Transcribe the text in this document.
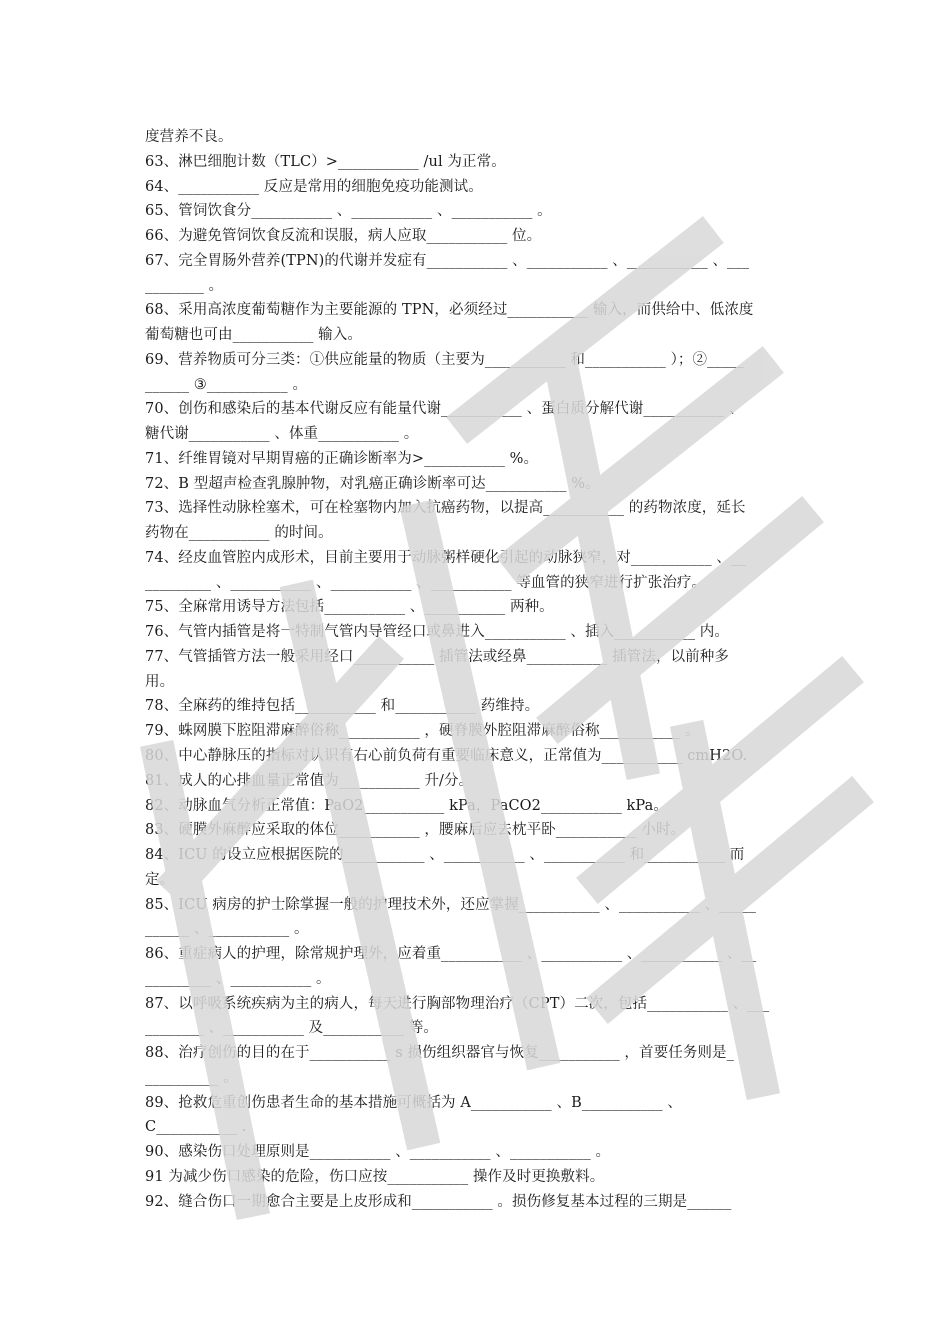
度营养不良。
63、淋巴细胞计数（TLC）>___________ /ul 为正常。
64、___________ 反应是常用的细胞免疫功能测试。
65、管饲饮食分___________ 、___________ 、___________ 。
66、为避免管饲饮食反流和误服，病人应取___________ 位。
67、完全胃肠外营养(TPN)的代谢并发症有___________ 、___________ 、___________ 、___
________ 。
68、采用高浓度葡萄糖作为主要能源的 TPN，必须经过___________ 输入，而供给中、低浓度
葡萄糖也可由___________ 输入。
69、营养物质可分三类：①供应能量的物质（主要为___________ 和___________ ）；②_____
______ ③___________ 。
70、创伤和感染后的基本代谢反应有能量代谢___________ 、蛋白质分解代谢___________ 、
糖代谢___________ 、体重___________ 。
71、纤维胃镜对早期胃癌的正确诊断率为>___________ %。
72、B 型超声检查乳腺肿物，对乳癌正确诊断率可达___________ %。
73、选择性动脉栓塞术，可在栓塞物内加入抗癌药物，以提高___________ 的药物浓度，延长
药物在___________ 的时间。
74、经皮血管腔内成形术，目前主要用于动脉粥样硬化引起的动脉狭窄，对___________ 、__
_________ 、___________ 、___________ 、___________ 等血管的狭窄进行扩张治疗。
75、全麻常用诱导方法包括___________ 、___________ 两种。
76、气管内插管是将一特制气管内导管经口或鼻进入___________ 、插入___________ 内。
77、气管插管方法一般采用经口___________ 插管法或经鼻___________ 插管法，以前种多
用。
78、全麻药的维持包括___________ 和___________ 药维持。
79、蛛网膜下腔阻滞麻醉俗称___________ ，硬脊膜外腔阻滞麻醉俗称___________ 。
80、中心静脉压的指标对认识有右心前负荷有重要临床意义，正常值为___________ cmH2O.
81、成人的心排血量正常值为___________ 升/分。
82、动脉血气分析正常值：PaO2___________ kPa，PaCO2___________ kPa。
83、硬膜外麻醉应采取的体位___________ ，腰麻后应去枕平卧___________ 小时。
84、ICU 的设立应根据医院的___________ 、___________ 、___________ 和___________ 而
定。
85、ICU 病房的护士除掌握一般的护理技术外，还应掌握___________ 、___________ 、_____
______ 、___________ 。
86、重症病人的护理，除常规护理外，应着重___________ 、___________ 、___________ 、__
_________ 、___________ 。
87、以呼吸系统疾病为主的病人，每天进行胸部物理治疗（CPT）二次，包括___________ 、___
________ 、___________ 及___________ 等。
88、治疗创伤的目的在于___________ s 损伤组织器官与恢复___________ ，首要任务则是_
__________ 。
89、抢救危重创伤患者生命的基本措施可概括为 A___________ 、B___________ 、
C___________ .
90、感染伤口处理原则是___________ 、___________ 、___________ 。
91 为减少伤口感染的危险，伤口应按___________ 操作及时更换敷料。
92、缝合伤口一期愈合主要是上皮形成和___________ 。损伤修复基本过程的三期是______
